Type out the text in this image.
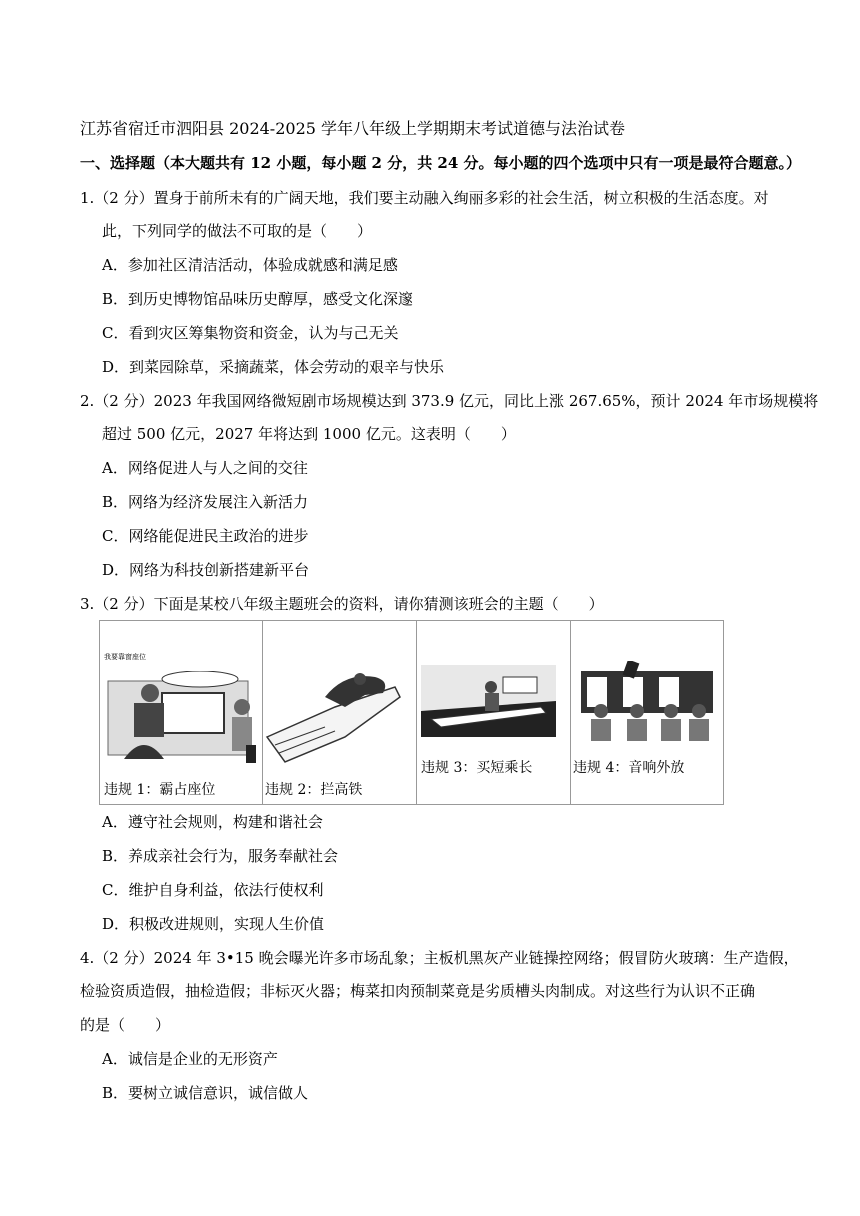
江苏省宿迁市泗阳县 2024-2025 学年八年级上学期期末考试道德与法治试卷
一、选择题（本大题共有 12 小题，每小题 2 分，共 24 分。每小题的四个选项中只有一项是最符合题意。）
1.（2 分）置身于前所未有的广阔天地，我们要主动融入绚丽多彩的社会生活，树立积极的生活态度。对
此，下列同学的做法不可取的是（　　）
A．参加社区清洁活动，体验成就感和满足感
B．到历史博物馆品味历史醇厚，感受文化深邃
C．看到灾区筹集物资和资金，认为与己无关
D．到菜园除草，采摘蔬菜，体会劳动的艰辛与快乐
2.（2 分）2023 年我国网络微短剧市场规模达到 373.9 亿元，同比上涨 267.65%，预计 2024 年市场规模将
超过 500 亿元，2027 年将达到 1000 亿元。这表明（　　）
A．网络促进人与人之间的交往
B．网络为经济发展注入新活力
C．网络能促进民主政治的进步
D．网络为科技创新搭建新平台
3.（2 分）下面是某校八年级主题班会的资料，请你猜测该班会的主题（　　）
我要靠窗座位
违规 1：霸占座位	违规 2：拦高铁
违规 3：买短乘长	违规 4：音响外放
A．遵守社会规则，构建和谐社会
B．养成亲社会行为，服务奉献社会
C．维护自身利益，依法行使权利
D．积极改进规则，实现人生价值
4.（2 分）2024 年 3•15 晚会曝光许多市场乱象；主板机黑灰产业链操控网络；假冒防火玻璃：生产造假，
检验资质造假，抽检造假；非标灭火器；梅菜扣肉预制菜竟是劣质槽头肉制成。对这些行为认识不正确
的是（　　）
A．诚信是企业的无形资产
B．要树立诚信意识，诚信做人
